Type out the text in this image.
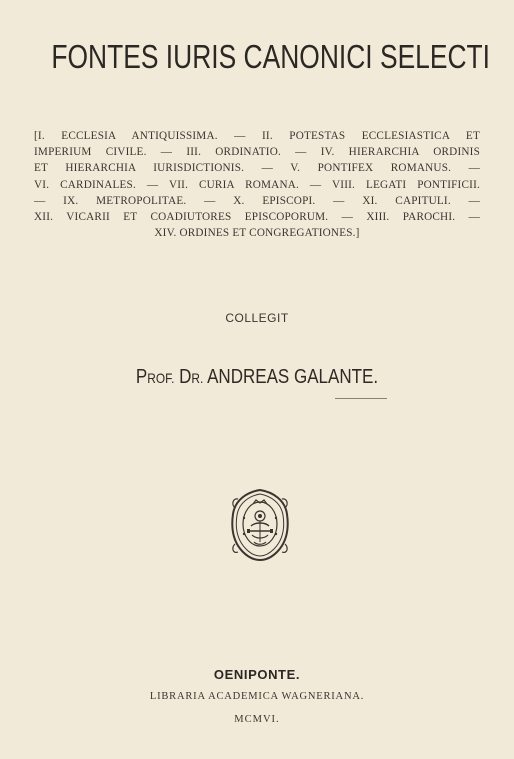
FONTES IURIS CANONICI SELECTI
[I. ECCLESIA ANTIQUISSIMA. — II. POTESTAS ECCLESIASTICA ET
IMPERIUM CIVILE. — III. ORDINATIO. — IV. HIERARCHIA ORDINIS
ET HIERARCHIA IURISDICTIONIS. — V. PONTIFEX ROMANUS. —
VI. CARDINALES. — VII. CURIA ROMANA. — VIII. LEGATI PONTIFICII.
— IX. METROPOLITAE. — X. EPISCOPI. — XI. CAPITULI. —
XII. VICARII ET COADIUTORES EPISCOPORUM. — XIII. PAROCHI. —
XIV. ORDINES ET CONGREGATIONES.]
COLLEGIT
PROF. DR. ANDREAS GALANTE.
OENIPONTE.
LIBRARIA ACADEMICA WAGNERIANA.
MCMVI.
